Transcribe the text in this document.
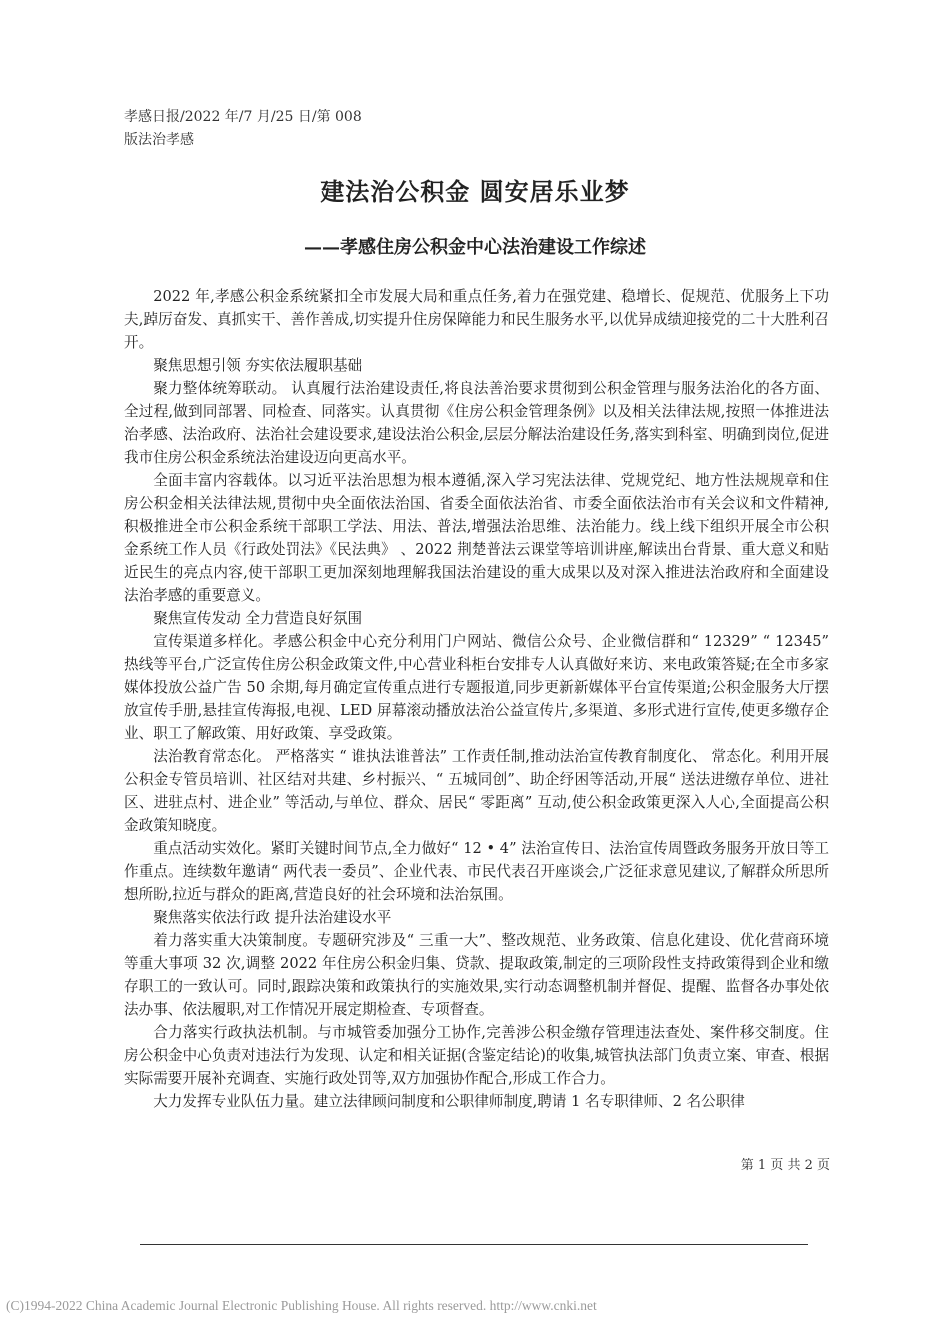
孝感日报/2022 年/7 月/25 日/第 008
版法治孝感
建法治公积金 圆安居乐业梦
——孝感住房公积金中心法治建设工作综述

2022 年,孝感公积金系统紧扣全市发展大局和重点任务,着力在强党建、稳增长、促规范、优服务上下功夫,踔厉奋发、真抓实干、善作善成,切实提升住房保障能力和民生服务水平,以优异成绩迎接党的二十大胜利召开。

聚焦思想引领 夯实依法履职基础

聚力整体统筹联动。 认真履行法治建设责任,将良法善治要求贯彻到公积金管理与服务法治化的各方面、全过程,做到同部署、同检查、同落实。认真贯彻《住房公积金管理条例》以及相关法律法规,按照一体推进法治孝感、法治政府、法治社会建设要求,建设法治公积金,层层分解法治建设任务,落实到科室、明确到岗位,促进我市住房公积金系统法治建设迈向更高水平。

全面丰富内容载体。以习近平法治思想为根本遵循,深入学习宪法法律、党规党纪、地方性法规规章和住房公积金相关法律法规,贯彻中央全面依法治国、省委全面依法治省、市委全面依法治市有关会议和文件精神,积极推进全市公积金系统干部职工学法、用法、普法,增强法治思维、法治能力。线上线下组织开展全市公积金系统工作人员《行政处罚法》《民法典》 、2022 荆楚普法云课堂等培训讲座,解读出台背景、重大意义和贴近民生的亮点内容,使干部职工更加深刻地理解我国法治建设的重大成果以及对深入推进法治政府和全面建设法治孝感的重要意义。

聚焦宣传发动 全力营造良好氛围

宣传渠道多样化。孝感公积金中心充分利用门户网站、微信公众号、企业微信群和“ 12329” “ 12345” 热线等平台,广泛宣传住房公积金政策文件,中心营业科柜台安排专人认真做好来访、来电政策答疑;在全市多家媒体投放公益广告 50 余期,每月确定宣传重点进行专题报道,同步更新新媒体平台宣传渠道;公积金服务大厅摆放宣传手册,悬挂宣传海报,电视、LED 屏幕滚动播放法治公益宣传片,多渠道、多形式进行宣传,使更多缴存企业、职工了解政策、用好政策、享受政策。

法治教育常态化。 严格落实 “ 谁执法谁普法” 工作责任制,推动法治宣传教育制度化、 常态化。利用开展公积金专管员培训、社区结对共建、乡村振兴、“ 五城同创”、助企纾困等活动,开展“ 送法进缴存单位、进社区、进驻点村、进企业” 等活动,与单位、群众、居民“ 零距离” 互动,使公积金政策更深入人心,全面提高公积金政策知晓度。

重点活动实效化。紧盯关键时间节点,全力做好“ 12 • 4” 法治宣传日、法治宣传周暨政务服务开放日等工作重点。连续数年邀请“ 两代表一委员”、企业代表、市民代表召开座谈会,广泛征求意见建议,了解群众所思所想所盼,拉近与群众的距离,营造良好的社会环境和法治氛围。

聚焦落实依法行政 提升法治建设水平

着力落实重大决策制度。专题研究涉及“ 三重一大”、整改规范、业务政策、信息化建设、优化营商环境等重大事项 32 次,调整 2022 年住房公积金归集、贷款、提取政策,制定的三项阶段性支持政策得到企业和缴存职工的一致认可。同时,跟踪决策和政策执行的实施效果,实行动态调整机制并督促、提醒、监督各办事处依法办事、依法履职,对工作情况开展定期检查、专项督查。

合力落实行政执法机制。与市城管委加强分工协作,完善涉公积金缴存管理违法查处、案件移交制度。住房公积金中心负责对违法行为发现、认定和相关证据(含鉴定结论)的收集,城管执法部门负责立案、审查、根据实际需要开展补充调查、实施行政处罚等,双方加强协作配合,形成工作合力。

大力发挥专业队伍力量。建立法律顾问制度和公职律师制度,聘请 1 名专职律师、2 名公职律

第 1 页 共 2 页
(C)1994-2022 China Academic Journal Electronic Publishing House. All rights reserved. http://www.cnki.net
